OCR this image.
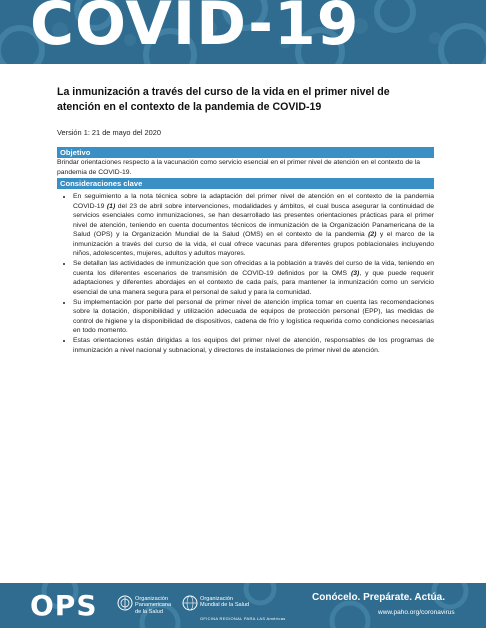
COVID-19
La inmunización a través del curso de la vida en el primer nivel de atención en el contexto de la pandemia de COVID-19
Versión 1: 21 de mayo del 2020
Objetivo

Brindar orientaciones respecto a la vacunación como servicio esencial en el primer nivel de atención en el contexto de la pandemia de COVID-19.

Consideraciones clave
• En seguimiento a la nota técnica sobre la adaptación del primer nivel de atención en el contexto de la pandemia COVID-19 (1) del 23 de abril sobre intervenciones, modalidades y ámbitos, el cual busca asegurar la continuidad de servicios esenciales como inmunizaciones, se han desarrollado las presentes orientaciones prácticas para el primer nivel de atención, teniendo en cuenta documentos técnicos de inmunización de la Organización Panamericana de la Salud (OPS) y la Organización Mundial de la Salud (OMS) en el contexto de la pandemia (2) y el marco de la inmunización a través del curso de la vida, el cual ofrece vacunas para diferentes grupos poblacionales incluyendo niños, adolescentes, mujeres, adultos y adultos mayores.
• Se detallan las actividades de inmunización que son ofrecidas a la población a través del curso de la vida, teniendo en cuenta los diferentes escenarios de transmisión de COVID-19 definidos por la OMS (3), y que puede requerir adaptaciones y diferentes abordajes en el contexto de cada país, para mantener la inmunización como un servicio esencial de una manera segura para el personal de salud y para la comunidad.
• Su implementación por parte del personal de primer nivel de atención implica tomar en cuenta las recomendaciones sobre la dotación, disponibilidad y utilización adecuada de equipos de protección personal (EPP), las medidas de control de higiene y la disponibilidad de dispositivos, cadena de frío y logística requerida como condiciones necesarias en todo momento.
• Estas orientaciones están dirigidas a los equipos del primer nivel de atención, responsables de los programas de inmunización a nivel nacional y subnacional, y directores de instalaciones de primer nivel de atención.
OPS	Organización
Panamericana
de la Salud
Organización
Mundial de la Salud
OFICINA REGIONAL PARA LAS Américas
Conócelo. Prepárate. Actúa.
www.paho.org/coronavirus
